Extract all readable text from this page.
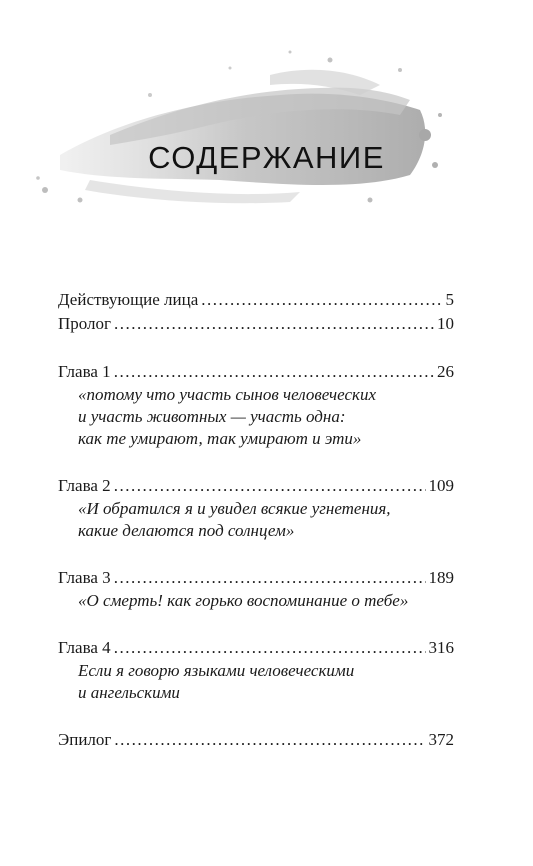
СОДЕРЖАНИЕ
Действующие лица .....	5
Пролог .....	10
Глава 1 .....	26
«потому что участь сынов человеческих
и участь животных — участь одна:
как те умирают, так умирают и эти»
Глава 2 .....	109
«И обратился я и увидел всякие угнетения,
какие делаются под солнцем»
Глава 3 .....	189
«О смерть! как горько воспоминание о тебе»
Глава 4 .....	316
Если я говорю языками человеческими
и ангельскими
Эпилог .....	372
